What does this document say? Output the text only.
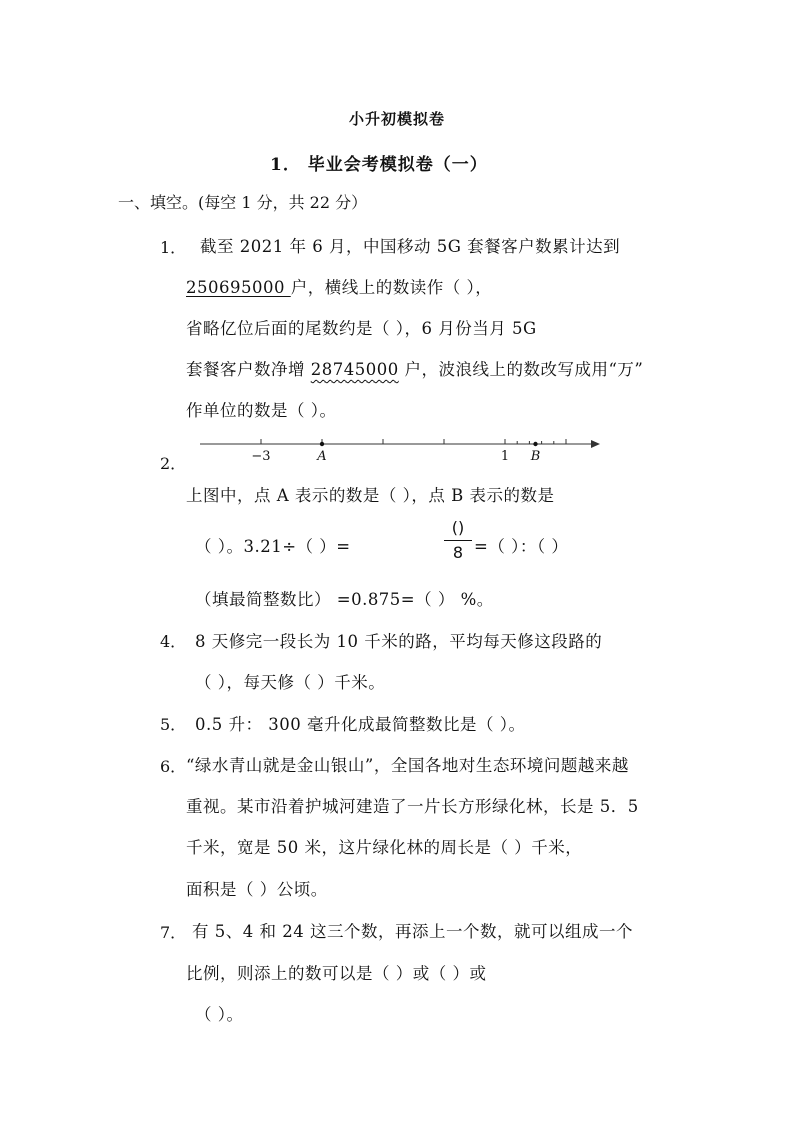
小升初模拟卷
1． 毕业会考模拟卷（一）
一、填空。(每空 1 分，共 22 分）
1． 截至 2021 年 6 月，中国移动 5G 套餐客户数累计达到
250695000 户，横线上的数读作（ ），
省略亿位后面的尾数约是（ ），6 月份当月 5G
套餐客户数净增 28745000 户，波浪线上的数改写成用“万”
作单位的数是（ ）。
A	B
−3	1
2．
上图中，点 A 表示的数是（ ），点 B 表示的数是
（ ）。3.21÷（ ）=
()
8 =（ ）：（ ）
（填最简整数比） =0.875=（ ） %。
4． 8 天修完一段长为 10 千米的路，平均每天修这段路的
（ ），每天修（ ）千米。
5． 0.5 升： 300 毫升化成最简整数比是（ ）。
6． “绿水青山就是金山银山”，全国各地对生态环境问题越来越
重视。某市沿着护城河建造了一片长方形绿化林，长是 5．5
千米，宽是 50 米，这片绿化林的周长是（ ）千米，
面积是（ ）公顷。
7． 有 5、4 和 24 这三个数，再添上一个数，就可以组成一个
比例，则添上的数可以是（ ）或（ ）或
（ ）。
